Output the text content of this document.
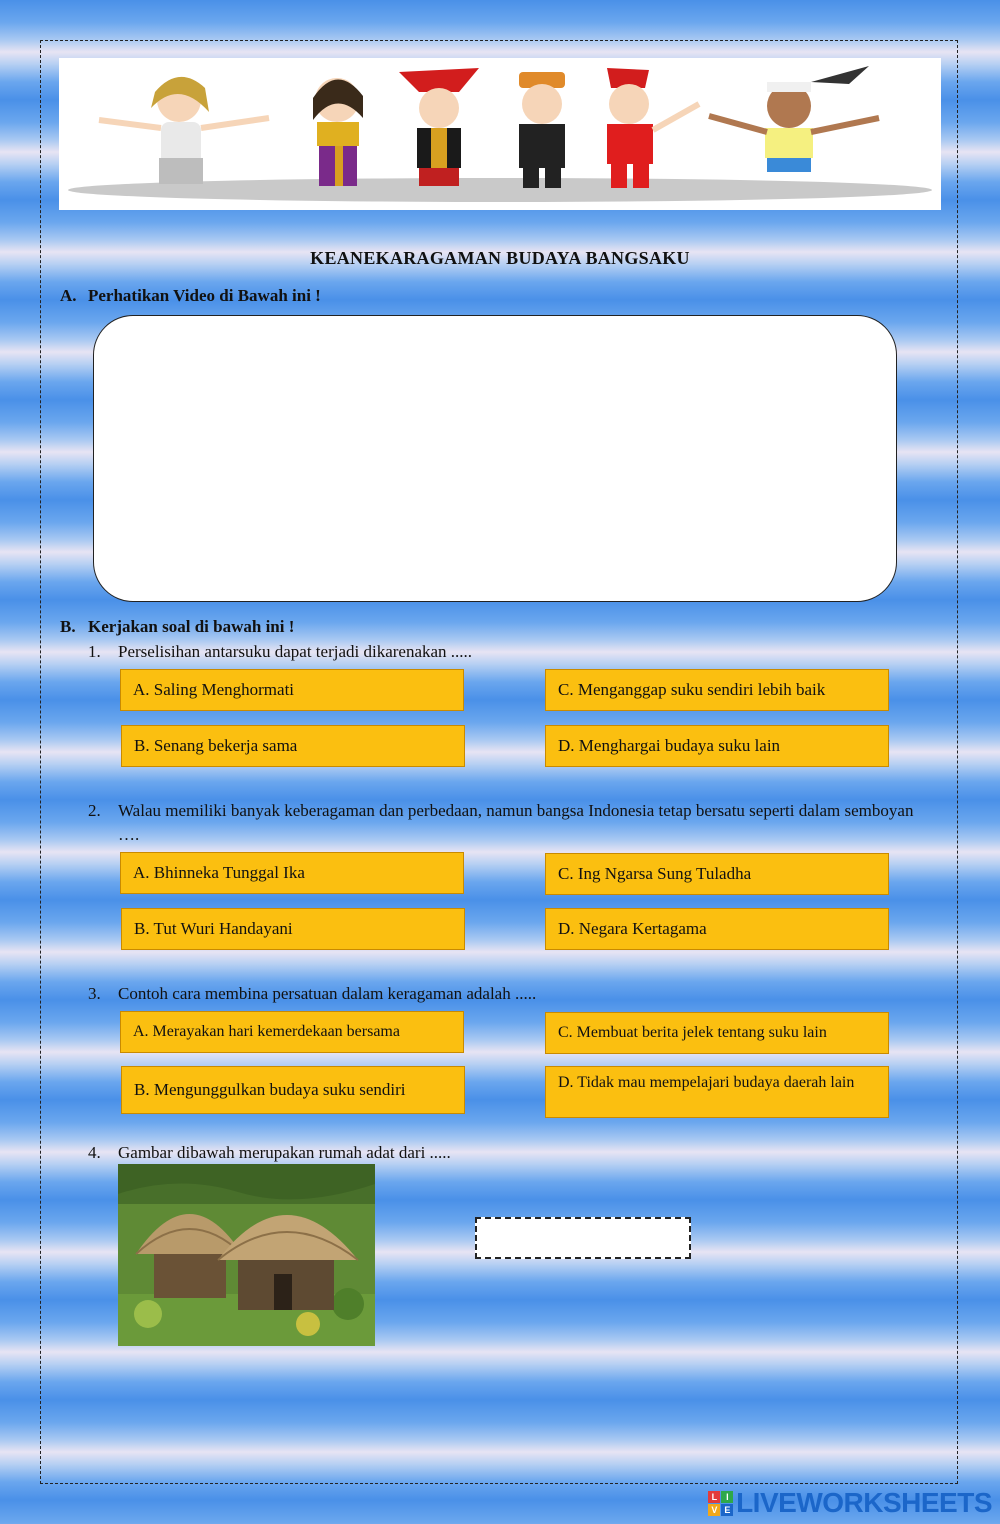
KEANEKARAGAMAN BUDAYA BANGSAKU
A. Perhatikan Video di Bawah ini !
B. Kerjakan soal di bawah ini !
1.	Perselisihan antarsuku dapat terjadi dikarenakan .....
A. Saling Menghormati
B. Senang bekerja sama
C. Menganggap suku sendiri lebih baik
D. Menghargai budaya suku lain
2.	Walau memiliki banyak keberagaman dan perbedaan, namun bangsa Indonesia tetap bersatu seperti dalam semboyan ….
A. Bhinneka Tunggal Ika
B. Tut Wuri Handayani
C. Ing Ngarsa Sung Tuladha
D. Negara Kertagama
3.	Contoh cara membina persatuan dalam keragaman adalah .....
A. Merayakan hari kemerdekaan bersama
B. Mengunggulkan budaya suku sendiri
C. Membuat berita jelek tentang suku lain
D. Tidak mau mempelajari budaya daerah lain
4.	Gambar dibawah merupakan rumah adat dari .....
L	I
V E LIVEWORKSHEETS
